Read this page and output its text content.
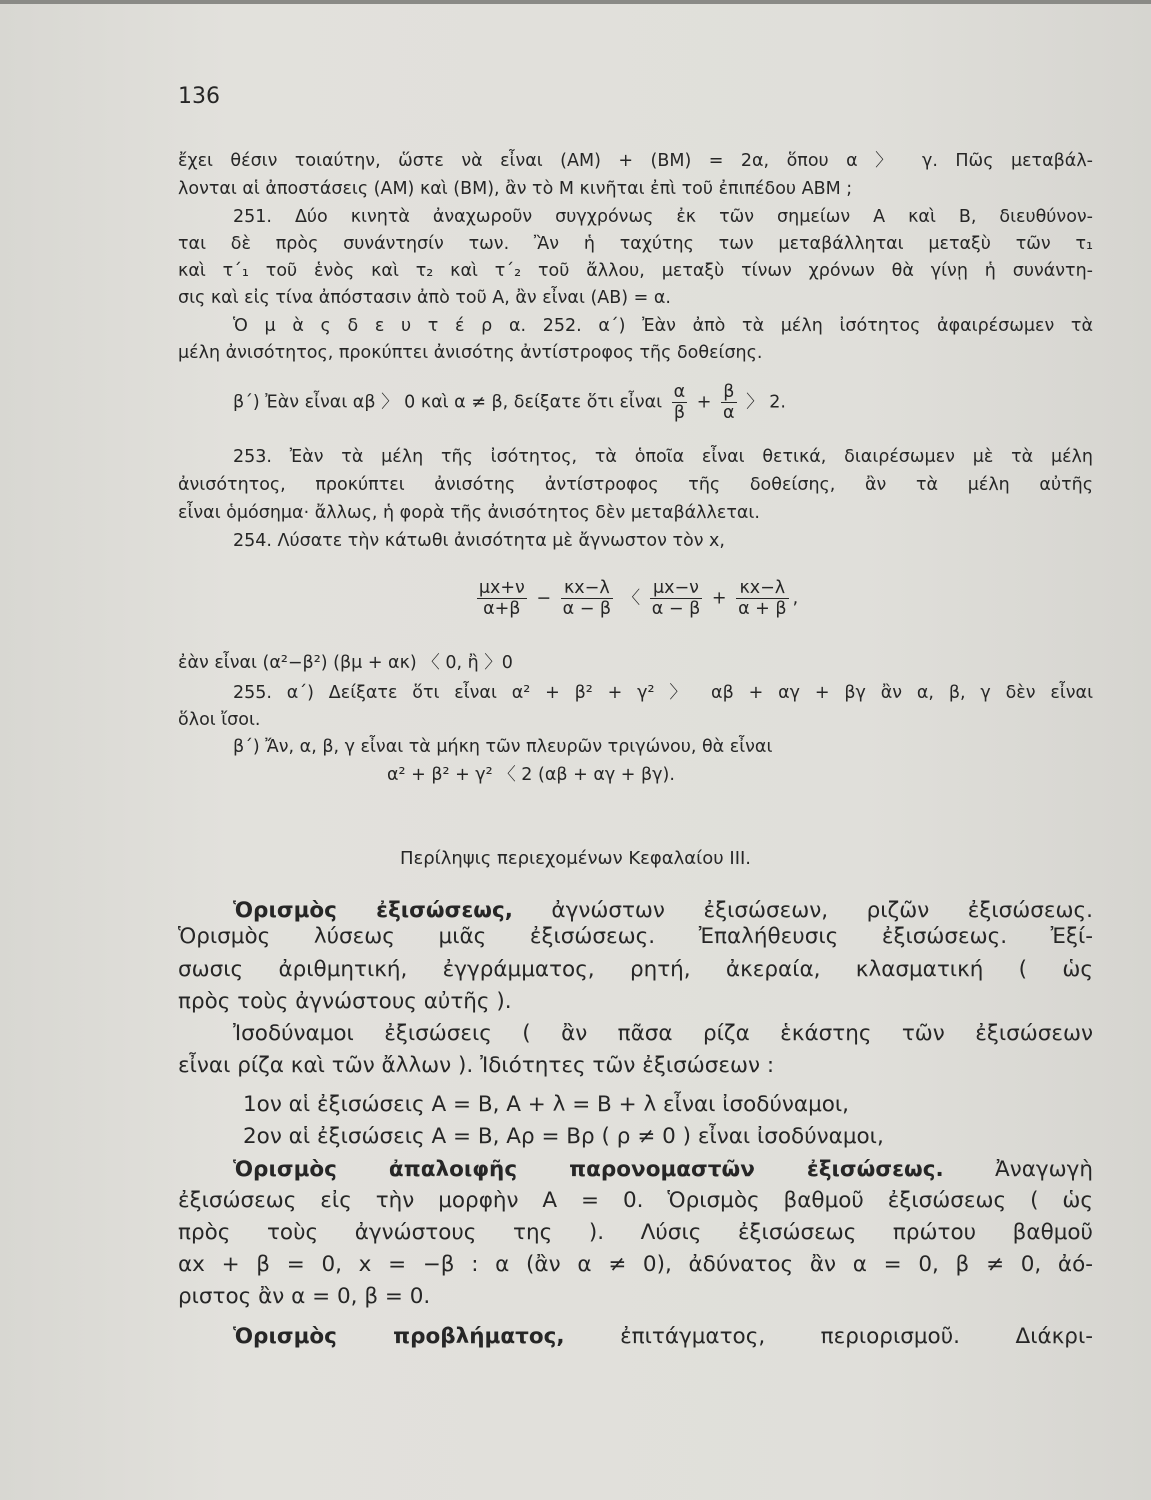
136
ἔχει θέσιν τοιαύτην, ὥστε νὰ εἶναι (ΑΜ) + (ΒΜ) = 2α, ὅπου α 〉 γ. Πῶς μεταβάλ-
λονται αἱ ἀποστάσεις (ΑΜ) καὶ (ΒΜ), ἂν τὸ Μ κινῆται ἐπὶ τοῦ ἐπιπέδου ΑΒΜ ;
251. Δύο κινητὰ ἀναχωροῦν συγχρόνως ἐκ τῶν σημείων Α καὶ Β, διευθύνον-
ται δὲ πρὸς συνάντησίν των. Ἂν ἡ ταχύτης των μεταβάλληται μεταξὺ τῶν τ₁
καὶ τ΄₁ τοῦ ἑνὸς καὶ τ₂ καὶ τ΄₂ τοῦ ἄλλου, μεταξὺ τίνων χρόνων θὰ γίνῃ ἡ συνάντη-
σις καὶ εἰς τίνα ἀπόστασιν ἀπὸ τοῦ Α, ἂν εἶναι (ΑΒ) = α.
Ὁ μ ὰ ς δ ε υ τ έ ρ α. 252. α΄) Ἐὰν ἀπὸ τὰ μέλη ἰσότητος ἀφαιρέσωμεν τὰ
μέλη ἀνισότητος, προκύπτει ἀνισότης ἀντίστροφος τῆς δοθείσης.
β΄) Ἐὰν εἶναι αβ 〉 0 καὶ α ≠ β, δείξατε ὅτι εἶναι $\frac{\alpha}{\beta} + \frac{\beta}{\alpha}$ 〉 2.
253. Ἐὰν τὰ μέλη τῆς ἰσότητος, τὰ ὁποῖα εἶναι θετικά, διαιρέσωμεν μὲ τὰ μέλη
ἀνισότητος, προκύπτει ἀνισότης ἀντίστροφος τῆς δοθείσης, ἂν τὰ μέλη αὐτῆς
εἶναι ὁμόσημα· ἄλλως, ἡ φορὰ τῆς ἀνισότητος δὲν μεταβάλλεται.
254. Λύσατε τὴν κάτωθι ἀνισότητα μὲ ἄγνωστον τὸν x,
$\frac{\mu x+\nu}{\alpha+\beta} - \frac{\kappa x-\lambda}{\alpha - \beta}$ 〈 $\frac{\mu x-\nu}{\alpha - \beta} + \frac{\kappa x-\lambda}{\alpha + \beta}$ ,
ἐὰν εἶναι (α²−β²) (βμ + ακ) 〈 0, ἢ 〉0
255. α΄) Δείξατε ὅτι εἶναι α² + β² + γ² 〉 αβ + αγ + βγ ἂν α, β, γ δὲν εἶναι
ὅλοι ἴσοι.
β΄) Ἄν, α, β, γ εἶναι τὰ μήκη τῶν πλευρῶν τριγώνου, θὰ εἶναι
α² + β² + γ² 〈 2 (αβ + αγ + βγ).
Περίληψις περιεχομένων Κεφαλαίου ΙΙΙ.
Ὁρισμὸς ἐξισώσεως, ἀγνώστων ἐξισώσεων, ριζῶν ἐξισώσεως.
Ὁρισμὸς λύσεως μιᾶς ἐξισώσεως. Ἐπαλήθευσις ἐξισώσεως. Ἐξί-
σωσις ἀριθμητική, ἐγγράμματος, ρητή, ἀκεραία, κλασματική ( ὡς
πρὸς τοὺς ἀγνώστους αὐτῆς ).
Ἰσοδύναμοι ἐξισώσεις ( ἂν πᾶσα ρίζα ἑκάστης τῶν ἐξισώσεων
εἶναι ρίζα καὶ τῶν ἄλλων ). Ἰδιότητες τῶν ἐξισώσεων :
1ον αἱ ἐξισώσεις Α = Β, Α + λ = Β + λ εἶναι ἰσοδύναμοι,
2ον αἱ ἐξισώσεις Α = Β, Αρ = Βρ ( ρ ≠ 0 ) εἶναι ἰσοδύναμοι,
Ὁρισμὸς ἀπαλοιφῆς παρονομαστῶν ἐξισώσεως. Ἀναγωγὴ
ἐξισώσεως εἰς τὴν μορφὴν Α = 0. Ὁρισμὸς βαθμοῦ ἐξισώσεως ( ὡς
πρὸς τοὺς ἀγνώστους της ). Λύσις ἐξισώσεως πρώτου βαθμοῦ
αx + β = 0, x = −β : α (ἂν α ≠ 0), ἀδύνατος ἂν α = 0, β ≠ 0, ἀό-
ριστος ἂν α = 0, β = 0.
Ὁρισμὸς προβλήματος, ἐπιτάγματος, περιορισμοῦ. Διάκρι-
